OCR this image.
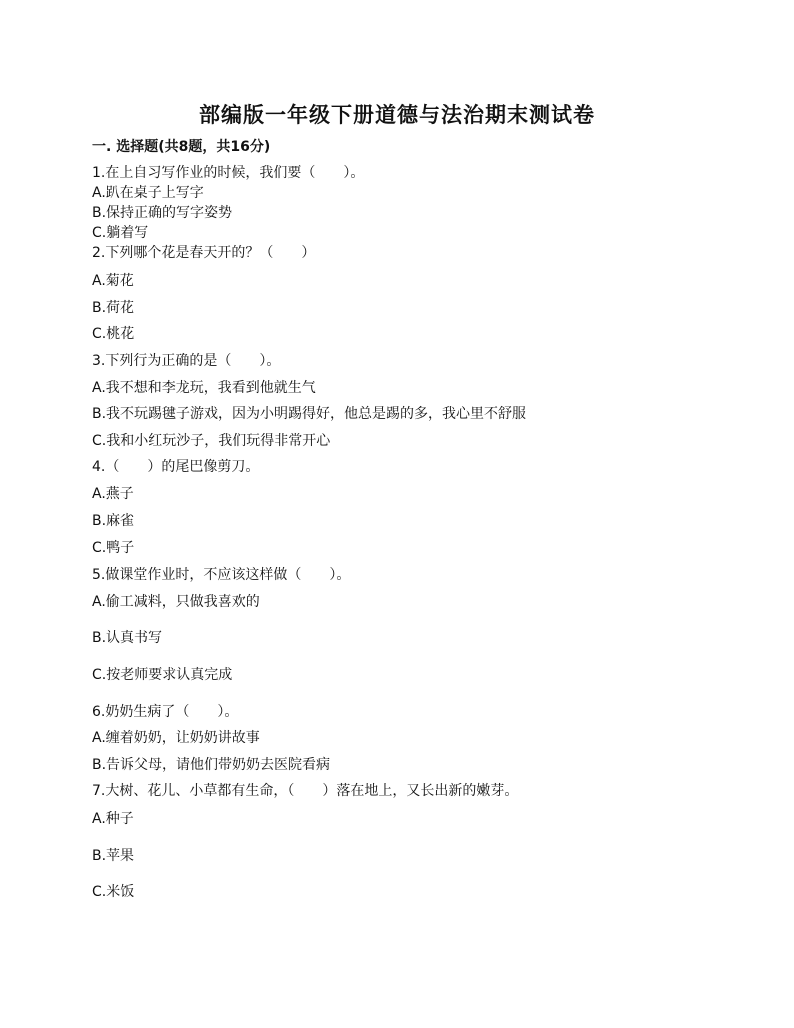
部编版一年级下册道德与法治期末测试卷
一. 选择题(共8题，共16分)
1.在上自习写作业的时候，我们要（　　）。
A.趴在桌子上写字
B.保持正确的写字姿势
C.躺着写
2.下列哪个花是春天开的？（　　）
A.菊花
B.荷花
C.桃花
3.下列行为正确的是（　　）。
A.我不想和李龙玩，我看到他就生气
B.我不玩踢毽子游戏，因为小明踢得好，他总是踢的多，我心里不舒服
C.我和小红玩沙子，我们玩得非常开心
4.（　　）的尾巴像剪刀。
A.燕子
B.麻雀
C.鸭子
5.做课堂作业时，不应该这样做（　　）。
A.偷工减料，只做我喜欢的
B.认真书写
C.按老师要求认真完成
6.奶奶生病了（　　）。
A.缠着奶奶，让奶奶讲故事
B.告诉父母，请他们带奶奶去医院看病
7.大树、花儿、小草都有生命，（　　）落在地上，又长出新的嫩芽。
A.种子
B.苹果
C.米饭
